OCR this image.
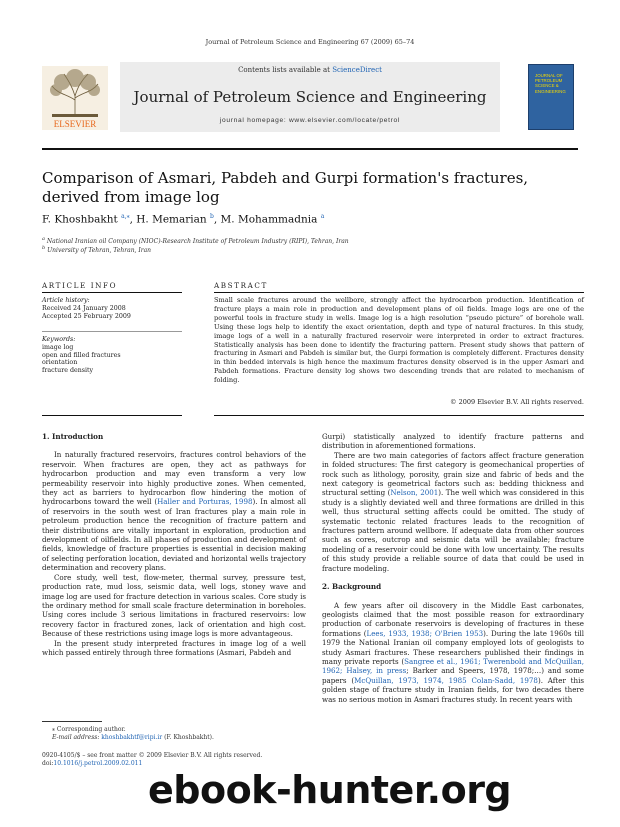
Journal of Petroleum Science and Engineering 67 (2009) 65–74
ELSEVIER
Contents lists available at ScienceDirect
Journal of Petroleum Science and Engineering
journal homepage: www.elsevier.com/locate/petrol
JOURNAL OF PETROLEUM SCIENCE & ENGINEERING
Comparison of Asmari, Pabdeh and Gurpi formation's fractures, derived from image log
F. Khoshbakht $^{a,⁎}$, H. Memarian $^b$, M. Mohammadnia $^a$
$^a$ National Iranian oil Company (NIOC)-Research Institute of Petroleum Industry (RIPI), Tehran, Iran
$^b$ University of Tehran, Tehran, Iran
ARTICLE INFO
Article history:
Received 24 January 2008
Accepted 25 February 2009
Keywords:
image log
open and filled fractures
orientation
fracture density
ABSTRACT
Small scale fractures around the wellbore, strongly affect the hydrocarbon production. Identification of fracture plays a main role in production and development plans of oil fields. Image logs are one of the powerful tools in fracture study in wells. Image log is a high resolution “pseudo picture” of borehole wall. Using these logs help to identify the exact orientation, depth and type of natural fractures. In this study, image logs of a well in a naturally fractured reservoir were interpreted in order to extract fractures. Statistically analysis has been done to identify the fracturing pattern. Present study shows that pattern of fracturing in Asmari and Pabdeh is similar but, the Gurpi formation is completely different. Fractures density in thin bedded intervals is high hence the maximum fractures density observed is in the upper Asmari and Pabdeh formations. Fracture density log shows two descending trends that are related to mechanism of folding.
© 2009 Elsevier B.V. All rights reserved.
1. Introduction

In naturally fractured reservoirs, fractures control behaviors of the reservoir. When fractures are open, they act as pathways for hydrocarbon production and may even transform a very low permeability reservoir into highly productive zones. When cemented, they act as barriers to hydrocarbon flow hindering the motion of hydrocarbons toward the well (Haller and Porturas, 1998). In almost all of reservoirs in the south west of Iran fractures play a main role in petroleum production hence the recognition of fracture pattern and their distributions are vitally important in exploration, production and development of oilfields. In all phases of production and development of fields, knowledge of fracture properties is essential in decision making of selecting perforation location, deviated and horizontal wells trajectory determination and recovery plans.

Core study, well test, flow-meter, thermal survey, pressure test, production rate, mud loss, seismic data, well logs, stoney wave and image log are used for fracture detection in various scales. Core study is the ordinary method for small scale fracture determination in boreholes. Using cores include 3 serious limitations in fractured reservoirs: low recovery factor in fractured zones, lack of orientation and high cost. Because of these restrictions using image logs is more advantageous.

In the present study interpreted fractures in image log of a well which passed entirely through three formations (Asmari, Pabdeh and

⁎ Corresponding author.
E-mail address: khoshbakhtf@ripi.ir (F. Khoshbakht).
0920-4105/$ – see front matter © 2009 Elsevier B.V. All rights reserved.
doi:10.1016/j.petrol.2009.02.011

Gurpi) statistically analyzed to identify fracture patterns and distribution in aforementioned formations.

There are two main categories of factors affect fracture generation in folded structures: The first category is geomechanical properties of rock such as lithology, porosity, grain size and fabric of beds and the next category is geometrical factors such as: bedding thickness and structural setting (Nelson, 2001). The well which was considered in this study is a slightly deviated well and three formations are drilled in this well, thus structural setting affects could be omitted. The study of systematic tectonic related fractures leads to the recognition of fractures pattern around wellbore. If adequate data from other sources such as cores, outcrop and seismic data will be available; fracture modeling of a reservoir could be done with low uncertainty. The results of this study provide a reliable source of data that could be used in fracture modeling.

2. Background

A few years after oil discovery in the Middle East carbonates, geologists claimed that the most possible reason for extraordinary production of carbonate reservoirs is developing of fractures in these formations (Lees, 1933, 1938; O'Brien 1953). During the late 1960s till 1979 the National Iranian oil company employed lots of geologists to study Asmari fractures. These researchers published their findings in many private reports (Sangree et al., 1961; Twerenbold and McQuillan, 1962; Halsey, in press; Barker and Speers, 1978, 1978;…) and some papers (McQuillan, 1973, 1974, 1985 Colan-Sadd, 1978). After this golden stage of fracture study in Iranian fields, for two decades there was no serious motion in Asmari fractures study. In recent years with

ebook-hunter.org
